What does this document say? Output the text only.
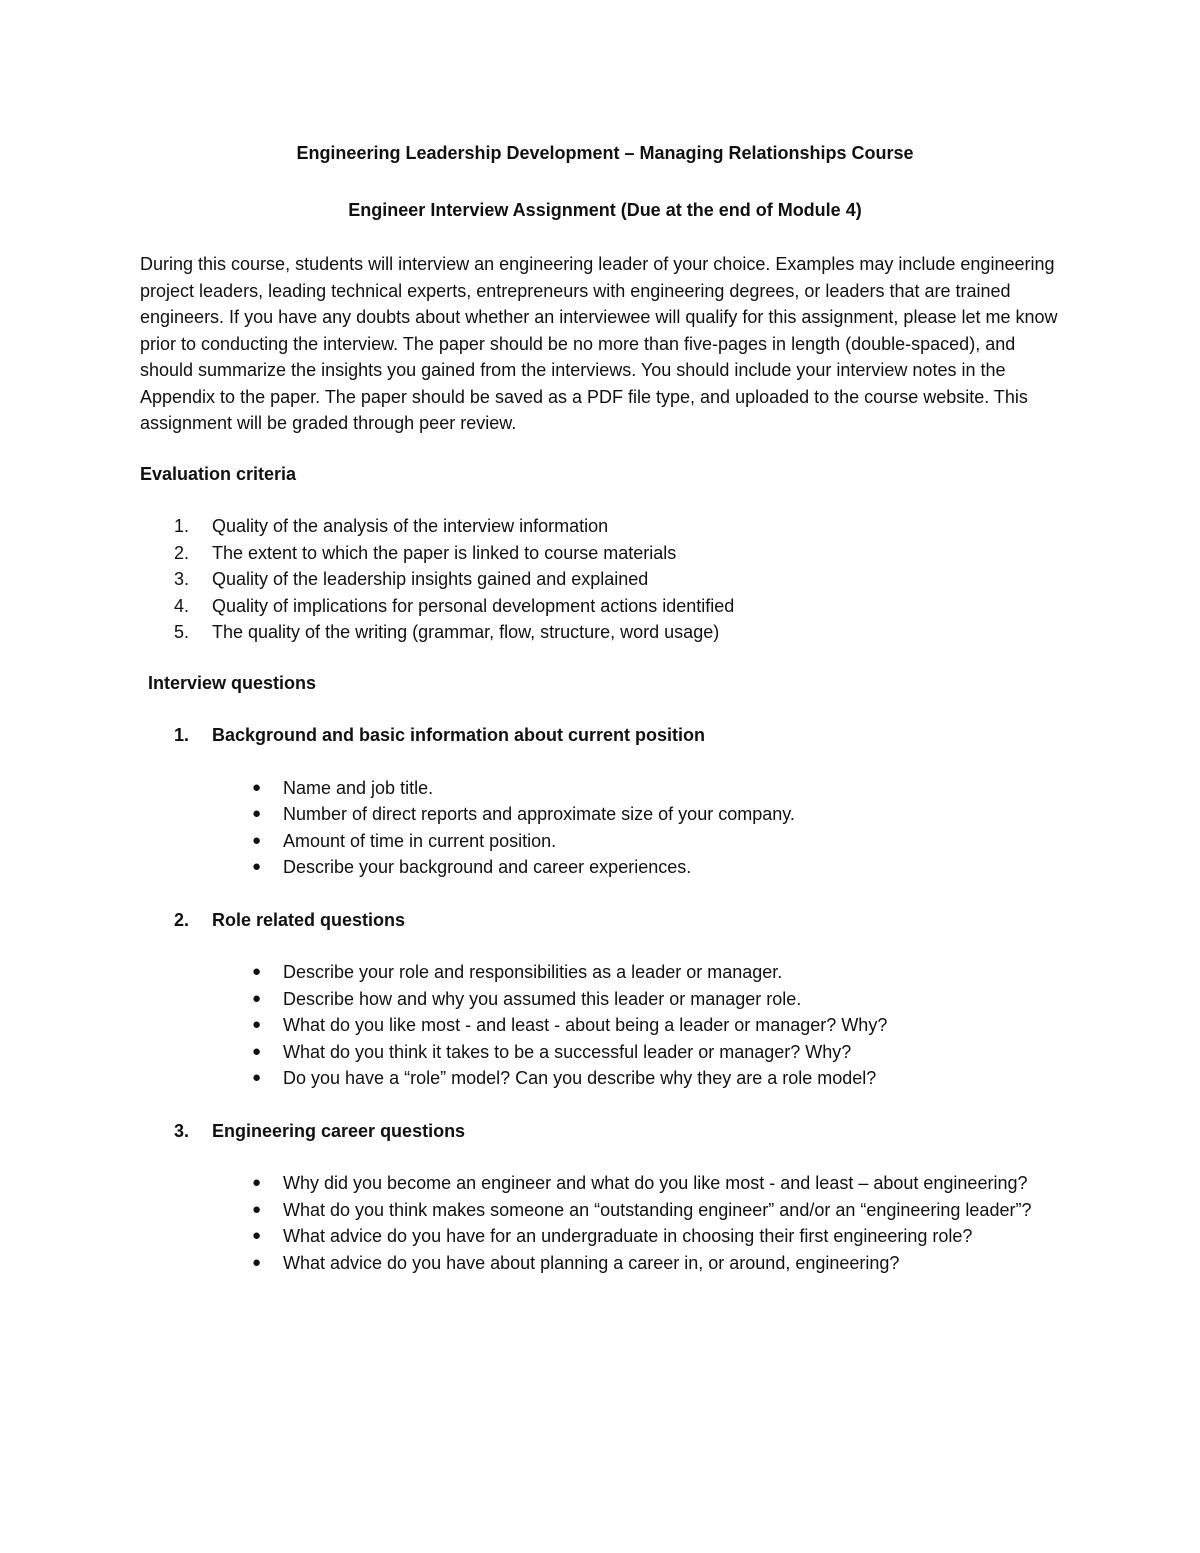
Engineering Leadership Development – Managing Relationships Course

Engineer Interview Assignment (Due at the end of Module 4)

During this course, students will interview an engineering leader of your choice. Examples may include engineering project leaders, leading technical experts, entrepreneurs with engineering degrees, or leaders that are trained engineers. If you have any doubts about whether an interviewee will qualify for this assignment, please let me know prior to conducting the interview. The paper should be no more than five-pages in length (double-spaced), and should summarize the insights you gained from the interviews. You should include your interview notes in the Appendix to the paper. The paper should be saved as a PDF file type, and uploaded to the course website. This assignment will be graded through peer review.

Evaluation criteria

1. Quality of the analysis of the interview information
2. The extent to which the paper is linked to course materials
3. Quality of the leadership insights gained and explained
4. Quality of implications for personal development actions identified
5. The quality of the writing (grammar, flow, structure, word usage)

Interview questions

1. Background and basic information about current position
● Name and job title.
● Number of direct reports and approximate size of your company.
● Amount of time in current position.
● Describe your background and career experiences.
2. Role related questions
● Describe your role and responsibilities as a leader or manager.
● Describe how and why you assumed this leader or manager role.
● What do you like most - and least - about being a leader or manager? Why?
● What do you think it takes to be a successful leader or manager? Why?
● Do you have a “role” model? Can you describe why they are a role model?
3. Engineering career questions
● Why did you become an engineer and what do you like most - and least – about engineering?
● What do you think makes someone an “outstanding engineer” and/or an “engineering leader”?
● What advice do you have for an undergraduate in choosing their first engineering role?
● What advice do you have about planning a career in, or around, engineering?
